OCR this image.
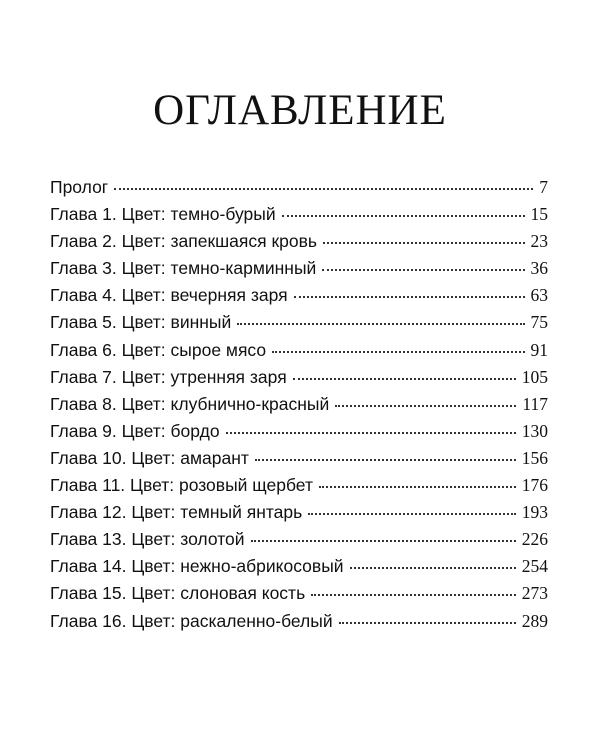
ОГЛАВЛЕНИЕ
Пролог	7
Глава 1. Цвет: темно-бурый	15
Глава 2. Цвет: запекшаяся кровь	23
Глава 3. Цвет: темно-карминный	36
Глава 4. Цвет: вечерняя заря	63
Глава 5. Цвет: винный	75
Глава 6. Цвет: сырое мясо	91
Глава 7. Цвет: утренняя заря	105
Глава 8. Цвет: клубнично-красный	117
Глава 9. Цвет: бордо	130
Глава 10. Цвет: амарант	156
Глава 11. Цвет: розовый щербет	176
Глава 12. Цвет: темный янтарь	193
Глава 13. Цвет: золотой	226
Глава 14. Цвет: нежно-абрикосовый	254
Глава 15. Цвет: слоновая кость	273
Глава 16. Цвет: раскаленно-белый	289
